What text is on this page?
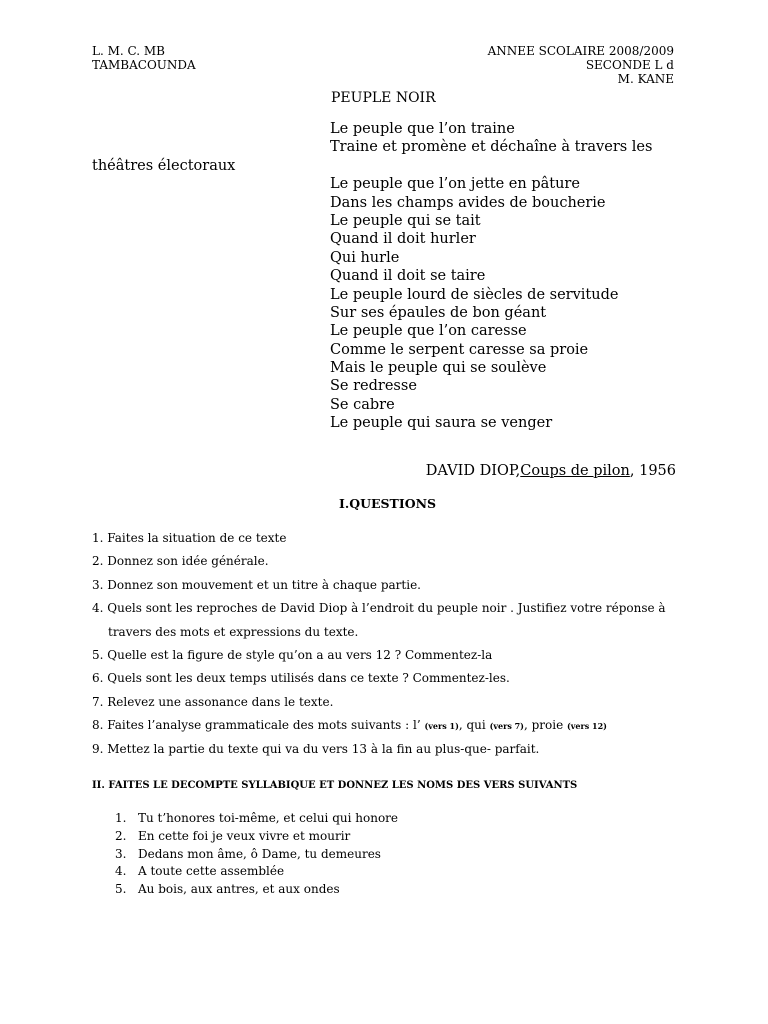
L. M. C. MB
TAMBACOUNDA
ANNEE SCOLAIRE 2008/2009
SECONDE L d
M. KANE
PEUPLE NOIR
Le peuple que l’on traine
Traine et promène et déchaîne à travers les
Le peuple que l’on jette en pâture
Dans les champs avides de boucherie
Le peuple qui se tait
Quand il doit hurler
Qui hurle
Quand il doit se taire
Le peuple lourd de siècles de servitude
Sur ses épaules de bon géant
Le peuple que l’on caresse
Comme le serpent caresse sa proie
Mais le peuple qui se soulève
Se redresse
Se cabre
Le peuple qui saura se venger
théâtres électoraux
DAVID DIOP,Coups de pilon, 1956
I.QUESTIONS
1. Faites la situation de ce texte
2. Donnez son idée générale.
3. Donnez son mouvement et un titre à chaque partie.
4. Quels sont les reproches de David Diop à l’endroit du peuple noir . Justifiez votre réponse à
travers des mots et expressions du texte.
5. Quelle est la figure de style qu’on a au vers 12 ? Commentez-la
6. Quels sont les deux temps utilisés dans ce texte ? Commentez-les.
7. Relevez une assonance dans le texte.
8. Faites l’analyse grammaticale des mots suivants : l’ (vers 1), qui (vers 7), proie (vers 12)
9. Mettez la partie du texte qui va du vers 13 à la fin au plus-que- parfait.
II. FAITES LE DECOMPTE SYLLABIQUE ET DONNEZ LES NOMS DES VERS SUIVANTS
1. Tu t’honores toi-même, et celui qui honore
2. En cette foi je veux vivre et mourir
3. Dedans mon âme, ô Dame, tu demeures
4. A toute cette assemblée
5. Au bois, aux antres, et aux ondes
